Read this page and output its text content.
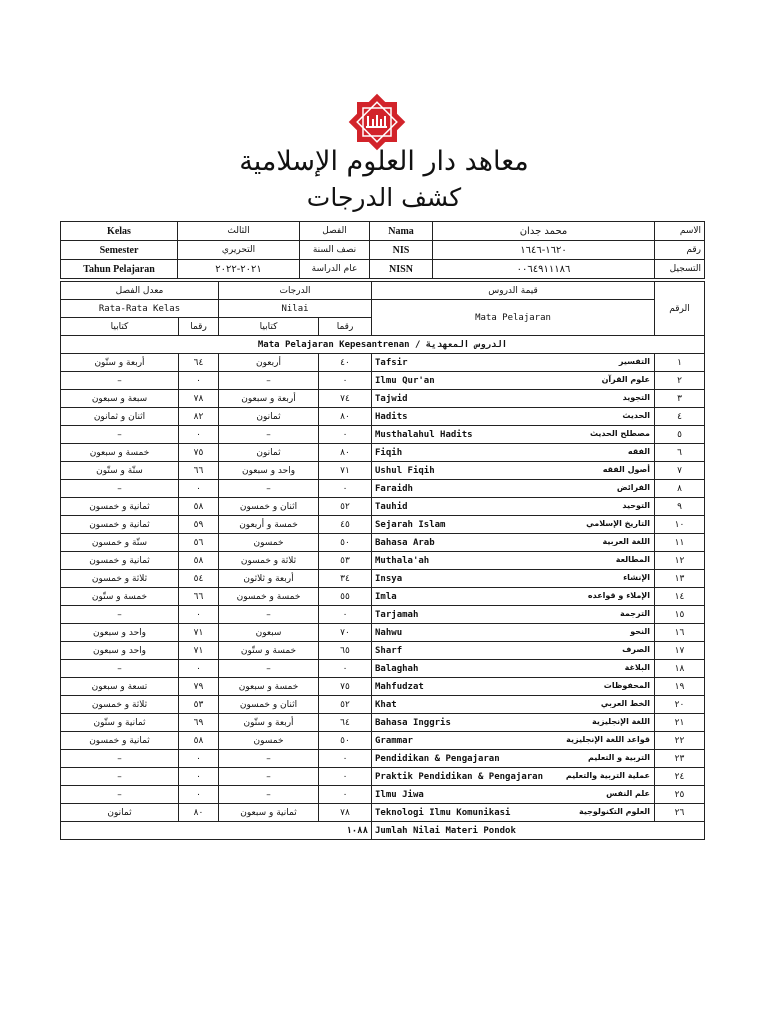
معاهد دار العلوم الإسلامية
كشف الدرجات
Kelas	الثالث	الفصل	Nama	محمد جدان	الاسم
Semester	التحريري	نصف السنة	NIS	١٦٢٠-١٦٤٦	رقم
Tahun Pelajaran	٢٠٢١-٢٠٢٢	عام الدراسة	NISN	٠٠٦٤٩١١١٨٦	التسجيل
معدل الفصل		الدرجات		قيمة الدروس	الرقم
Rata-Rata Kelas		Nilai		Mata Pelajaran	
كتابيا	رقما	كتابيا	رقما		
Mata Pelajaran Kepesantrenan / الدروس المعهدية					
أربعة و ستّون	٦٤	أربعون	٤٠	Tafsir التفسير	١
–	٠	–	٠	Ilmu Qur'an علوم القرآن	٢
سبعة و سبعون	٧٨	أربعة و سبعون	٧٤	Tajwid التجويد	٣
اثنان و ثمانون	٨٢	ثمانون	٨٠	Hadits الحديث	٤
–	٠	–	٠	Musthalahul Hadits مصطلح الحديث	٥
خمسة و سبعون	٧٥	ثمانون	٨٠	Fiqih الفقه	٦
ستّة و ستّون	٦٦	واحد و سبعون	٧١	Ushul Fiqih أصول الفقه	٧
–	٠	–	٠	Faraidh الفرائض	٨
ثمانية و خمسون	٥٨	اثنان و خمسون	٥٢	Tauhid التوحيد	٩
ثمانية و خمسون	٥٩	خمسة و أربعون	٤٥	Sejarah Islam التاريخ الإسلامي	١٠
ستّة و خمسون	٥٦	خمسون	٥٠	Bahasa Arab اللغة العربية	١١
ثمانية و خمسون	٥٨	ثلاثة و خمسون	٥٣	Muthala'ah المطالعة	١٢
ثلاثة و خمسون	٥٤	أربعة و ثلاثون	٣٤	Insya الإنشاء	١٣
خمسة و ستّون	٦٦	خمسة و خمسون	٥٥	Imla الإملاء و قواعده	١٤
–	٠	–	٠	Tarjamah الترجمة	١٥
واحد و سبعون	٧١	سبعون	٧٠	Nahwu النحو	١٦
واحد و سبعون	٧١	خمسة و ستّون	٦٥	Sharf الصرف	١٧
–	٠	–	٠	Balaghah البلاغة	١٨
تسعة و سبعون	٧٩	خمسة و سبعون	٧٥	Mahfudzat المحفوظات	١٩
ثلاثة و خمسون	٥٣	اثنان و خمسون	٥٢	Khat الخط العربي	٢٠
ثمانية و ستّون	٦٩	أربعة و ستّون	٦٤	Bahasa Inggris اللغة الإنجليزية	٢١
ثمانية و خمسون	٥٨	خمسون	٥٠	Grammar قواعد اللغة الإنجليزية	٢٢
–	٠	–	٠	Pendidikan & Pengajaran التربية و التعليم	٢٣
–	٠	–	٠	Praktik Pendidikan & Pengajaran عملية التربية والتعليم	٢٤
–	٠	–	٠	Ilmu Jiwa علم النفس	٢٥
ثمانون	٨٠	ثمانية و سبعون	٧٨	Teknologi Ilmu Komunikasi العلوم التكنولوجية	٢٦
١٠٨٨				Jumlah Nilai Materi Pondok	
